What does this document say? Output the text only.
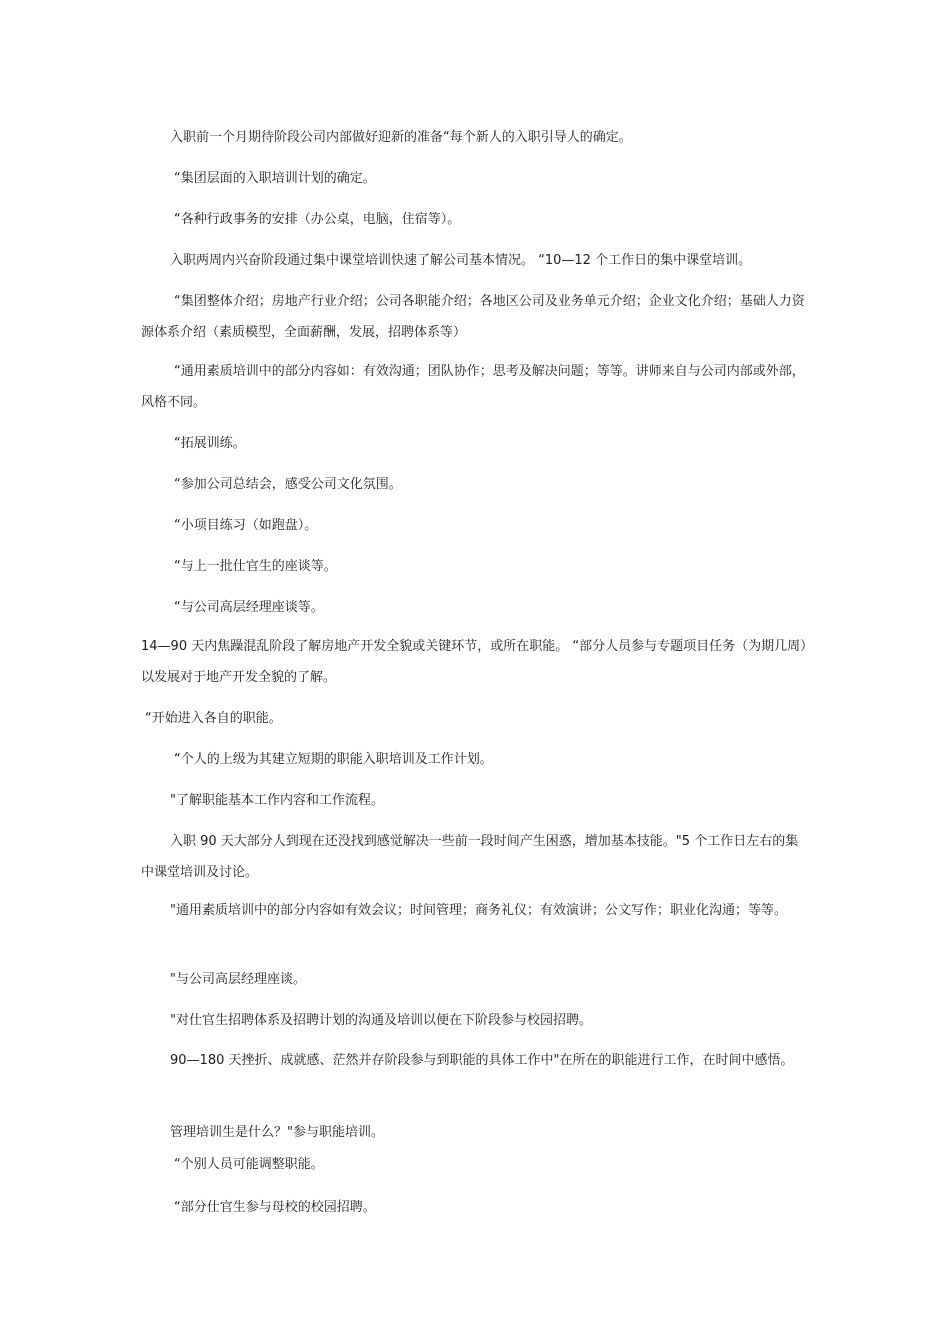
入职前一个月期待阶段公司内部做好迎新的准备“每个新人的入职引导人的确定。

“集团层面的入职培训计划的确定。

“各种行政事务的安排（办公桌，电脑，住宿等）。

入职两周内兴奋阶段通过集中课堂培训快速了解公司基本情况。 “10—12 个工作日的集中课堂培训。

“集团整体介绍；房地产行业介绍；公司各职能介绍；各地区公司及业务单元介绍；企业文化介绍；基础人力资源体系介绍（素质模型，全面薪酬，发展，招聘体系等）

“通用素质培训中的部分内容如：有效沟通；团队协作；思考及解决问题；等等。讲师来自与公司内部或外部，风格不同。

“拓展训练。

“参加公司总结会，感受公司文化氛围。

“小项目练习（如跑盘）。

“与上一批仕官生的座谈等。

“与公司高层经理座谈等。

14—90 天内焦躁混乱阶段了解房地产开发全貌或关键环节，或所在职能。 “部分人员参与专题项目任务（为期几周）以发展对于地产开发全貌的了解。

“开始进入各自的职能。

“个人的上级为其建立短期的职能入职培训及工作计划。

"了解职能基本工作内容和工作流程。

入职 90 天大部分人到现在还没找到感觉解决一些前一段时间产生困惑，增加基本技能。"5 个工作日左右的集中课堂培训及讨论。

"通用素质培训中的部分内容如有效会议；时间管理；商务礼仪；有效演讲；公文写作；职业化沟通；等等。

"与公司高层经理座谈。

"对仕官生招聘体系及招聘计划的沟通及培训以便在下阶段参与校园招聘。

90—180 天挫折、成就感、茫然并存阶段参与到职能的具体工作中"在所在的职能进行工作，在时间中感悟。

管理培训生是什么？"参与职能培训。

“个别人员可能调整职能。

“部分仕官生参与母校的校园招聘。
